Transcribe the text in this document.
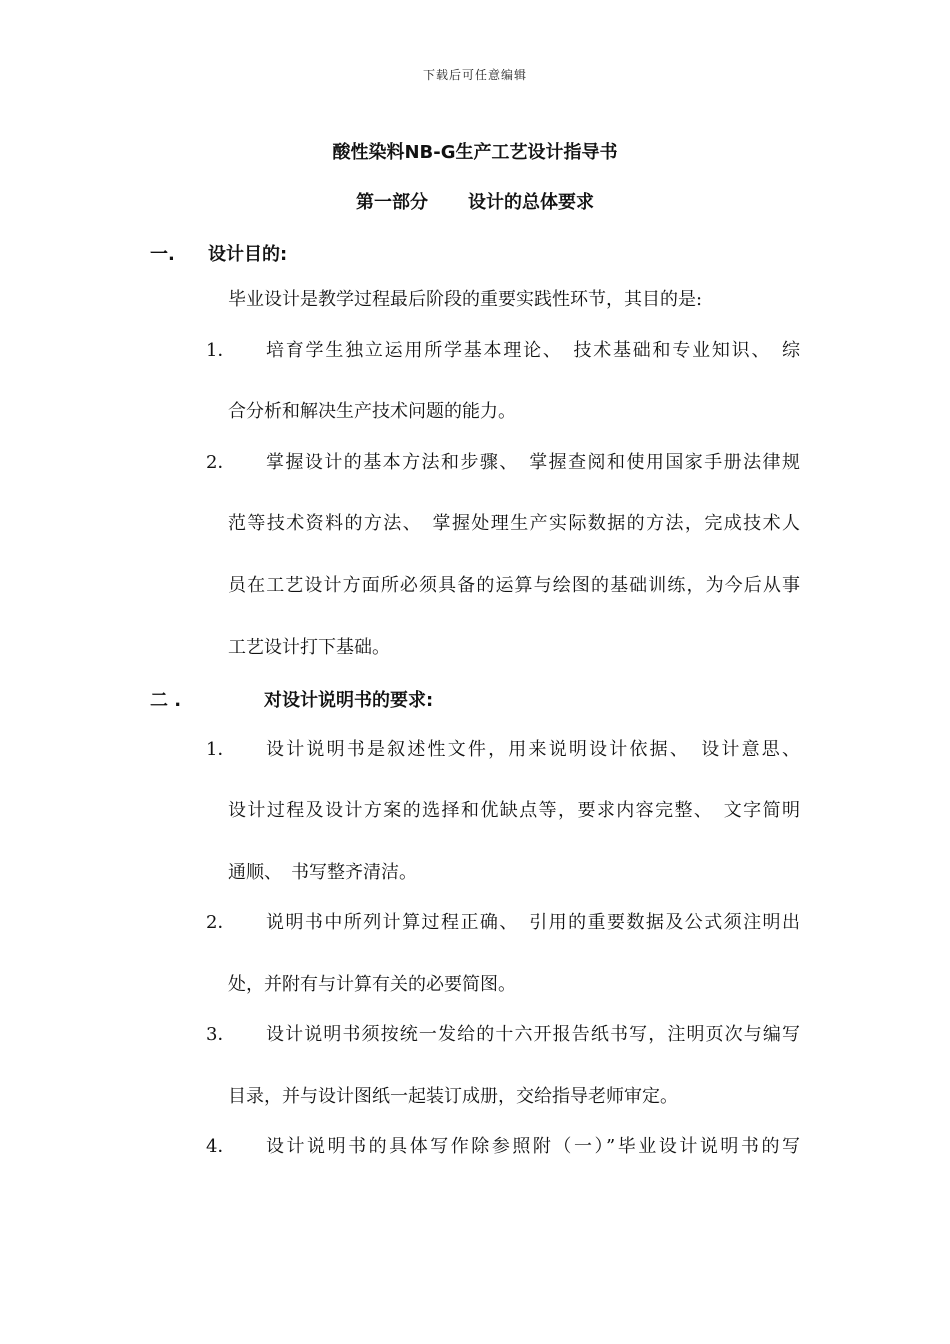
下载后可任意编辑
酸性染料NB-G生产工艺设计指导书
第一部分 设计的总体要求
一. 设计目的:
毕业设计是教学过程最后阶段的重要实践性环节，其目的是:
1． 培育学生独立运用所学基本理论、　技术基础和专业知识、　综
合分析和解决生产技术问题的能力。
2． 掌握设计的基本方法和步骤、　掌握查阅和使用国家手册法律规
范等技术资料的方法、　掌握处理生产实际数据的方法，完成技术人
员在工艺设计方面所必须具备的运算与绘图的基础训练，为今后从事
工艺设计打下基础。
二 .	对设计说明书的要求:
1． 设计说明书是叙述性文件，用来说明设计依据、　设计意思、
设计过程及设计方案的选择和优缺点等，要求内容完整、　文字简明
通顺、　书写整齐清洁。
2． 说明书中所列计算过程正确、　引用的重要数据及公式须注明出
处，并附有与计算有关的必要简图。
3． 设计说明书须按统一发给的十六开报告纸书写，注明页次与编写
目录，并与设计图纸一起装订成册，交给指导老师审定。
4． 设计说明书的具体写作除参照附（一）”毕业设计说明书的写
